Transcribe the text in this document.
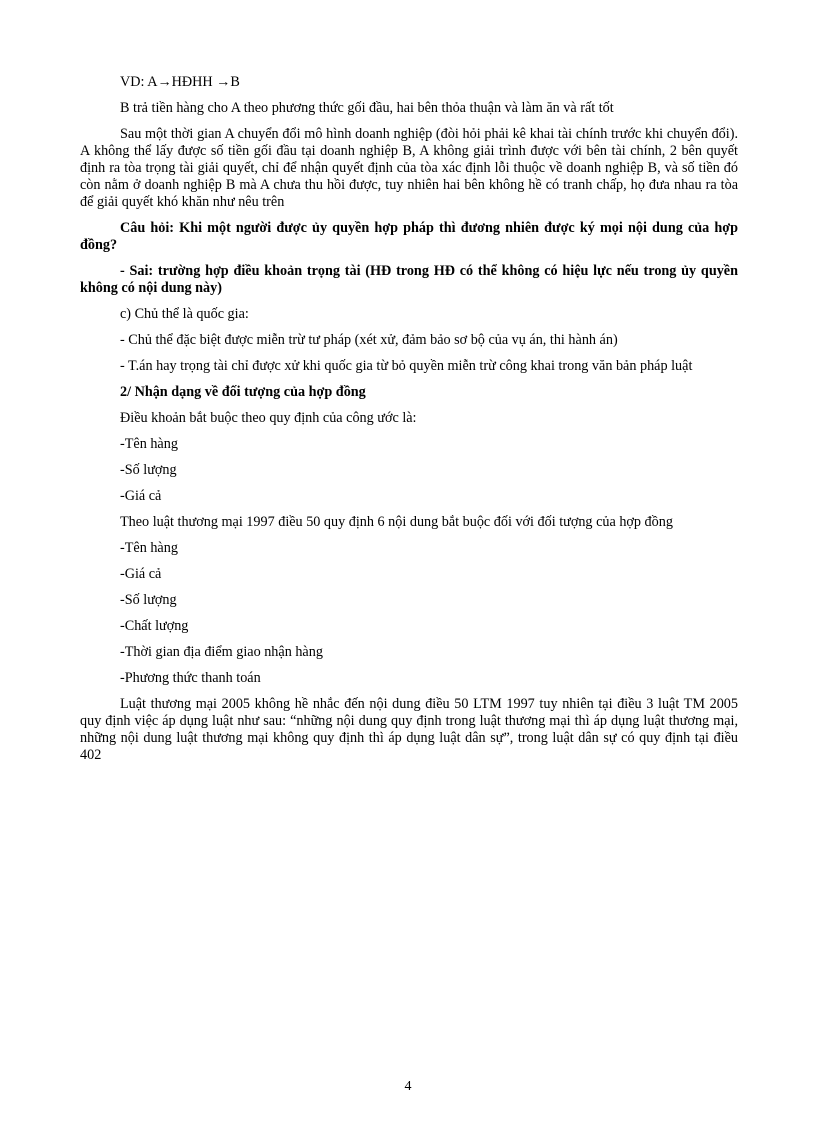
VD: A→HĐHH →B

B trả tiền hàng cho A theo phương thức gối đầu, hai bên thỏa thuận và làm ăn và rất tốt

Sau một thời gian A chuyển đổi mô hình doanh nghiệp (đòi hỏi phải kê khai tài chính trước khi chuyển đổi). A không thể lấy được số tiền gối đầu tại doanh nghiệp B, A không giải trình được với bên tài chính, 2 bên quyết định ra tòa trọng tài giải quyết, chỉ để nhận quyết định của tòa xác định lỗi thuộc về doanh nghiệp B, và số tiền đó còn nằm ở doanh nghiệp B mà A chưa thu hồi được, tuy nhiên hai bên không hề có tranh chấp, họ đưa nhau ra tòa để giải quyết khó khăn như nêu trên

Câu hỏi: Khi một người được ủy quyền hợp pháp thì đương nhiên được ký mọi nội dung của hợp đồng?

- Sai: trường hợp điều khoản trọng tài (HĐ trong HĐ có thể không có hiệu lực nếu trong ủy quyền không có nội dung này)

c) Chủ thể là quốc gia:

- Chủ thể đặc biệt được miễn trừ tư pháp (xét xử, đảm bảo sơ bộ của vụ án, thi hành án)

- T.án hay trọng tài chỉ được xử khi quốc gia từ bỏ quyền miễn trừ công khai trong văn bản pháp luật

2/ Nhận dạng về đối tượng của hợp đồng

Điều khoản bắt buộc theo quy định của công ước là:

-Tên hàng

-Số lượng

-Giá cả

Theo luật thương mại 1997 điều 50 quy định 6 nội dung bắt buộc đối với đối tượng của hợp đồng

-Tên hàng

-Giá cả

-Số lượng

-Chất lượng

-Thời gian địa điểm giao nhận hàng

-Phương thức thanh toán

Luật thương mại 2005 không hề nhắc đến nội dung điều 50 LTM 1997 tuy nhiên tại điều 3 luật TM 2005 quy định việc áp dụng luật như sau: “những nội dung quy định trong luật thương mại thì áp dụng luật thương mại, những nội dung luật thương mại không quy định thì áp dụng luật dân sự”, trong luật dân sự có quy định tại điều 402

4
